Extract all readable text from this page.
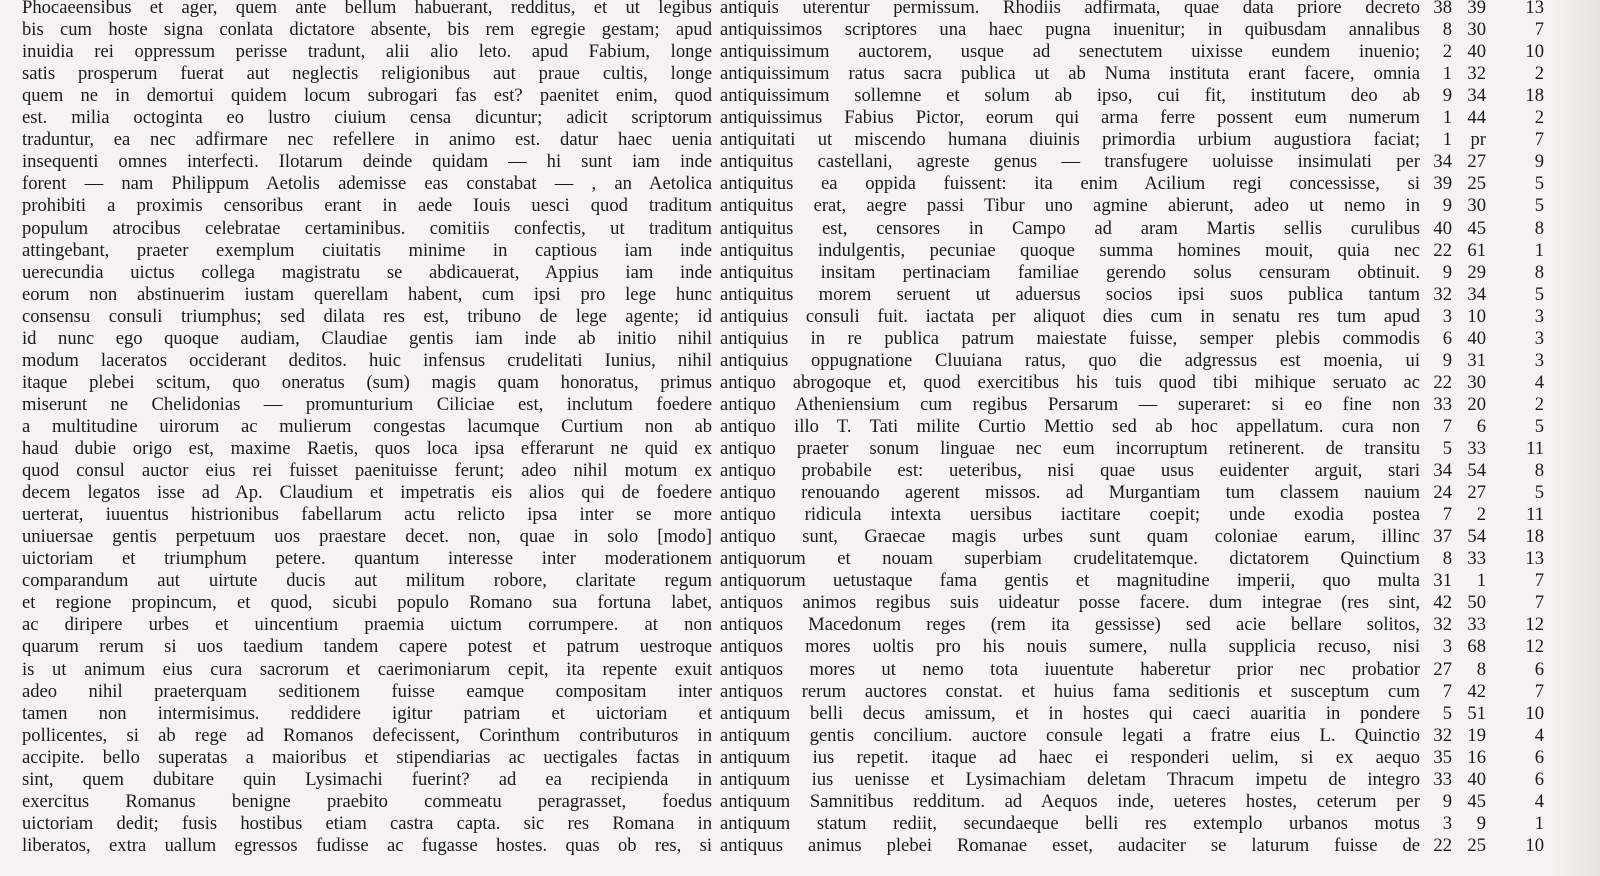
Phocaeensibus et ager, quem ante bellum habuerant, redditus, et ut legibus antiquis uterentur permissum. Rhodiis adfirmata, quae data priore decreto 38 39	13
bis cum hoste signa conlata dictatore absente, bis rem egregie gestam; apud antiquissimos scriptores una haec pugna inuenitur; in quibusdam annalibus	8 30	7
inuidia rei oppressum perisse tradunt, alii alio leto. apud Fabium, longe antiquissimum auctorem, usque ad senectutem uixisse eundem inuenio;	2 40	10
satis prosperum fuerat aut neglectis religionibus aut praue cultis, longe antiquissimum ratus sacra publica ut ab Numa instituta erant facere, omnia	1 32	2
quem ne in demortui quidem locum subrogari fas est? paenitet enim, quod antiquissimum sollemne et solum ab ipso, cui fit, institutum deo ab	9 34	18
est. milia octoginta eo lustro ciuium censa dicuntur; adicit scriptorum antiquissimus Fabius Pictor, eorum qui arma ferre possent eum numerum	1 44	2
traduntur, ea nec adfirmare nec refellere in animo est. datur haec uenia antiquitati ut miscendo humana diuinis primordia urbium augustiora faciat;	1 pr	7
insequenti omnes interfecti. Ilotarum deinde quidam — hi sunt iam inde antiquitus castellani, agreste genus — transfugere uoluisse insimulati per 34 27	9
forent — nam Philippum Aetolis ademisse eas constabat — , an Aetolica antiquitus ea oppida fuissent: ita enim Acilium regi concessisse, si 39 25	5
prohibiti a proximis censoribus erant in aede Iouis uesci quod traditum antiquitus erat, aegre passi Tibur uno agmine abierunt, adeo ut nemo in	9 30	5
populum atrocibus celebratae certaminibus. comitiis confectis, ut traditum antiquitus est, censores in Campo ad aram Martis sellis curulibus 40 45	8
attingebant, praeter exemplum ciuitatis minime in captious iam inde antiquitus indulgentis, pecuniae quoque summa homines mouit, quia nec 22 61	1
uerecundia uictus collega magistratu se abdicauerat, Appius iam inde antiquitus insitam pertinaciam familiae gerendo solus censuram obtinuit.	9 29	8
eorum non abstinuerim iustam querellam habent, cum ipsi pro lege hunc antiquitus morem seruent ut aduersus socios ipsi suos publica tantum 32 34	5
consensu consuli triumphus; sed dilata res est, tribuno de lege agente; id antiquius consuli fuit. iactata per aliquot dies cum in senatu res tum apud	3 10	3
id nunc ego quoque audiam, Claudiae gentis iam inde ab initio nihil antiquius in re publica patrum maiestate fuisse, semper plebis commodis	6 40	3
modum laceratos occiderant deditos. huic infensus crudelitati Iunius, nihil antiquius oppugnatione Cluuiana ratus, quo die adgressus est moenia, ui	9 31	3
itaque plebei scitum, quo oneratus (sum) magis quam honoratus, primus antiquo abrogoque et, quod exercitibus his tuis quod tibi mihique seruato ac 22 30	4
miserunt ne Chelidonias — promunturium Ciliciae est, inclutum foedere antiquo Atheniensium cum regibus Persarum — superaret: si eo fine non 33 20	2
a multitudine uirorum ac mulierum congestas lacumque Curtium non ab antiquo illo T. Tati milite Curtio Mettio sed ab hoc appellatum. cura non	7	6	5
haud dubie origo est, maxime Raetis, quos loca ipsa efferarunt ne quid ex antiquo praeter sonum linguae nec eum incorruptum retinerent. de transitu	5 33	11
quod consul auctor eius rei fuisset paenituisse ferunt; adeo nihil motum ex antiquo probabile est: ueteribus, nisi quae usus euidenter arguit, stari 34 54	8
decem legatos isse ad Ap. Claudium et impetratis eis alios qui de foedere antiquo renouando agerent missos. ad Murgantiam tum classem nauium 24 27	5
uerterat, iuuentus histrionibus fabellarum actu relicto ipsa inter se more antiquo ridicula intexta uersibus iactitare coepit; unde exodia postea	7	2	11
uniuersae gentis perpetuum uos praestare decet. non, quae in solo [modo] antiquo sunt, Graecae magis urbes sunt quam coloniae earum, illinc 37 54	18
uictoriam et triumphum petere. quantum interesse inter moderationem antiquorum et nouam superbiam crudelitatemque. dictatorem Quinctium	8 33	13
comparandum aut uirtute ducis aut militum robore, claritate regum antiquorum uetustaque fama gentis et magnitudine imperii, quo multa 31	1	7
et regione propincum, et quod, sicubi populo Romano sua fortuna labet, antiquos animos regibus suis uideatur posse facere. dum integrae (res sint, 42 50	7
ac diripere urbes et uincentium praemia uictum corrumpere. at non antiquos Macedonum reges (rem ita gessisse) sed acie bellare solitos, 32 33	12
quarum rerum si uos taedium tandem capere potest et patrum uestroque antiquos mores uoltis pro his nouis sumere, nulla supplicia recuso, nisi	3 68	12
is ut animum eius cura sacrorum et caerimoniarum cepit, ita repente exuit antiquos mores ut nemo tota iuuentute haberetur prior nec probatior 27	8	6
adeo nihil praeterquam seditionem fuisse eamque compositam inter antiquos rerum auctores constat. et huius fama seditionis et susceptum cum	7 42	7
tamen non intermisimus. reddidere igitur patriam et uictoriam et antiquum belli decus amissum, et in hostes qui caeci auaritia in pondere	5 51	10
pollicentes, si ab rege ad Romanos defecissent, Corinthum contributuros in antiquum gentis concilium. auctore consule legati a fratre eius L. Quinctio 32 19	4
accipite. bello superatas a maioribus et stipendiarias ac uectigales factas in antiquum ius repetit. itaque ad haec ei responderi uelim, si ex aequo 35 16	6
sint, quem dubitare quin Lysimachi fuerint? ad ea recipienda in antiquum ius uenisse et Lysimachiam deletam Thracum impetu de integro 33 40	6
exercitus Romanus benigne praebito commeatu peragrasset, foedus antiquum Samnitibus redditum. ad Aequos inde, ueteres hostes, ceterum per	9 45	4
uictoriam dedit; fusis hostibus etiam castra capta. sic res Romana in antiquum statum rediit, secundaeque belli res extemplo urbanos motus	3	9	1
liberatos, extra uallum egressos fudisse ac fugasse hostes. quas ob res, si antiquus animus plebei Romanae esset, audaciter se laturum fuisse de 22 25	10
